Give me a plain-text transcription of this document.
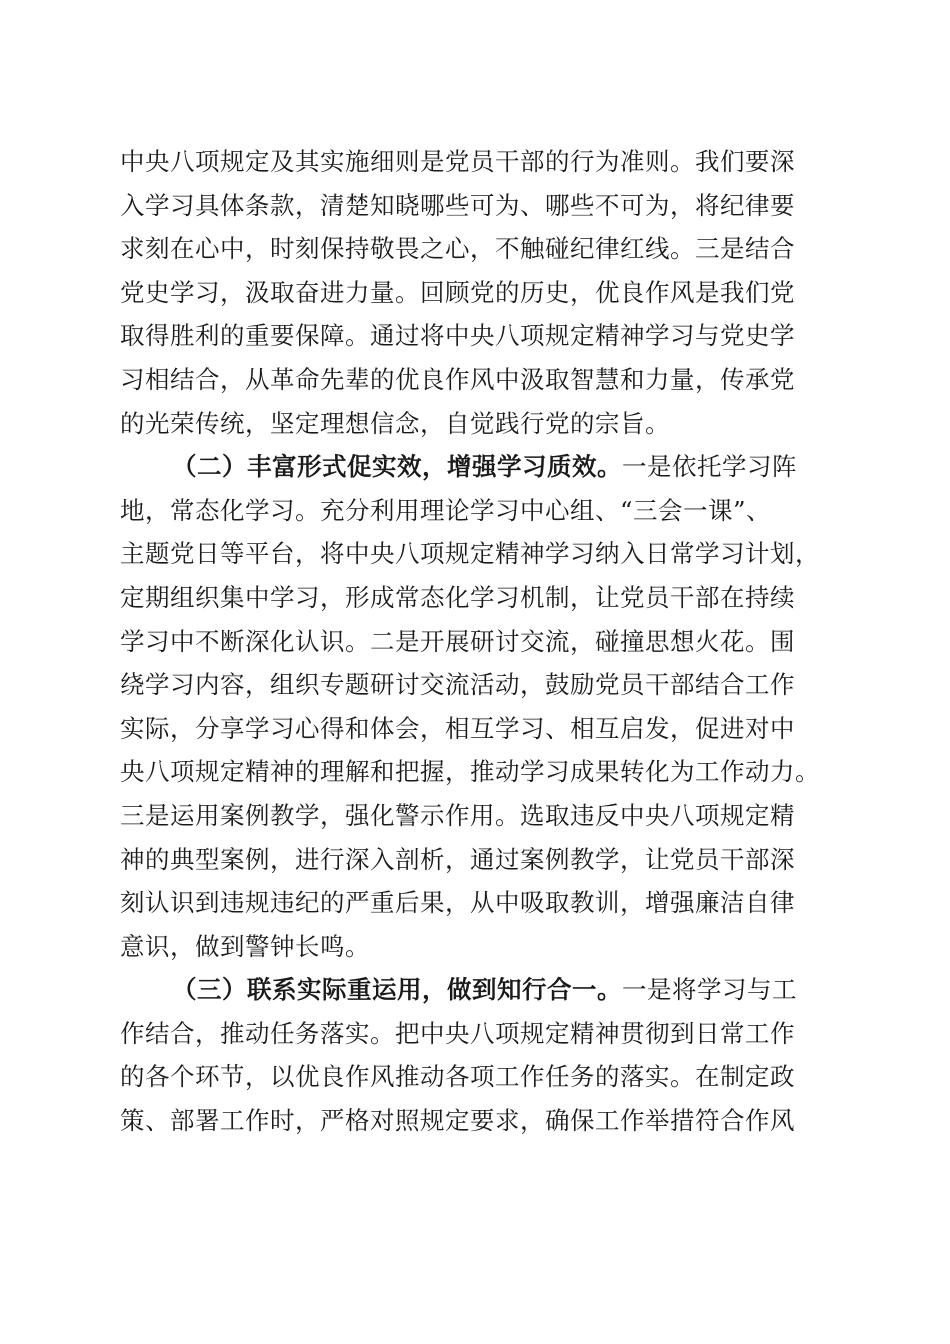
中央八项规定及其实施细则是党员干部的行为准则。我们要深
入学习具体条款，清楚知晓哪些可为、哪些不可为，将纪律要
求刻在心中，时刻保持敬畏之心，不触碰纪律红线。三是结合
党史学习，汲取奋进力量。回顾党的历史，优良作风是我们党
取得胜利的重要保障。通过将中央八项规定精神学习与党史学
习相结合，从革命先辈的优良作风中汲取智慧和力量，传承党
的光荣传统，坚定理想信念，自觉践行党的宗旨。
（二）丰富形式促实效，增强学习质效。一是依托学习阵
地，常态化学习。充分利用理论学习中心组、“三会一课”、
主题党日等平台，将中央八项规定精神学习纳入日常学习计划，
定期组织集中学习，形成常态化学习机制，让党员干部在持续
学习中不断深化认识。二是开展研讨交流，碰撞思想火花。围
绕学习内容，组织专题研讨交流活动，鼓励党员干部结合工作
实际，分享学习心得和体会，相互学习、相互启发，促进对中
央八项规定精神的理解和把握，推动学习成果转化为工作动力。
三是运用案例教学，强化警示作用。选取违反中央八项规定精
神的典型案例，进行深入剖析，通过案例教学，让党员干部深
刻认识到违规违纪的严重后果，从中吸取教训，增强廉洁自律
意识，做到警钟长鸣。
（三）联系实际重运用，做到知行合一。一是将学习与工
作结合，推动任务落实。把中央八项规定精神贯彻到日常工作
的各个环节，以优良作风推动各项工作任务的落实。在制定政
策、部署工作时，严格对照规定要求，确保工作举措符合作风
